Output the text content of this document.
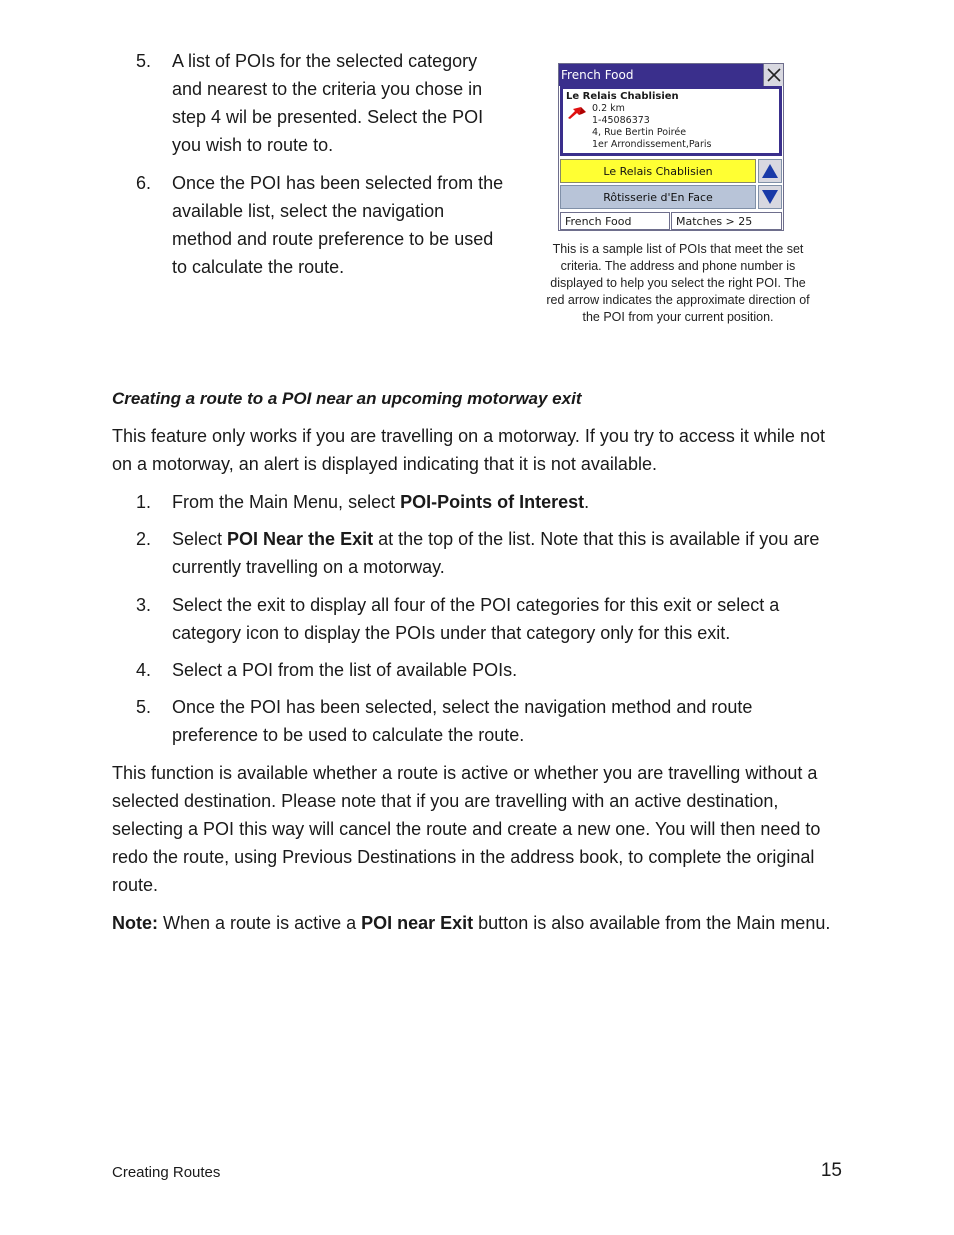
5.	A list of POIs for the selected category
and nearest to the criteria you chose in
step 4 wil be presented. Select the POI
you wish to route to.
6.	Once the POI has been selected from the
available list, select the navigation
method and route preference to be used
to calculate the route.
French Food
Le Relais Chablisien
0.2 km
1-45086373
4, Rue Bertin Poirée
1er Arrondissement,Paris
Le Relais Chablisien
Rôtisserie d'En Face
French Food	Matches > 25
This is a sample list of POIs that meet the set
criteria. The address and phone number is
displayed to help you select the right POI. The
red arrow indicates the approximate direction of
the POI from your current position.
Creating a route to a POI near an upcoming motorway exit
This feature only works if you are travelling on a motorway. If you try to access it while not
on a motorway, an alert is displayed indicating that it is not available.
1.	From the Main Menu, select POI-Points of Interest.
2.	Select POI Near the Exit at the top of the list. Note that this is available if you are
currently travelling on a motorway.
3.	Select the exit to display all four of the POI categories for this exit or select a
category icon to display the POIs under that category only for this exit.
4.	Select a POI from the list of available POIs.
5.	Once the POI has been selected, select the navigation method and route
preference to be used to calculate the route.
This function is available whether a route is active or whether you are travelling without a
selected destination. Please note that if you are travelling with an active destination,
selecting a POI this way will cancel the route and create a new one. You will then need to
redo the route, using Previous Destinations in the address book, to complete the original
route.
Note: When a route is active a POI near Exit button is also available from the Main menu.
Creating Routes	15
